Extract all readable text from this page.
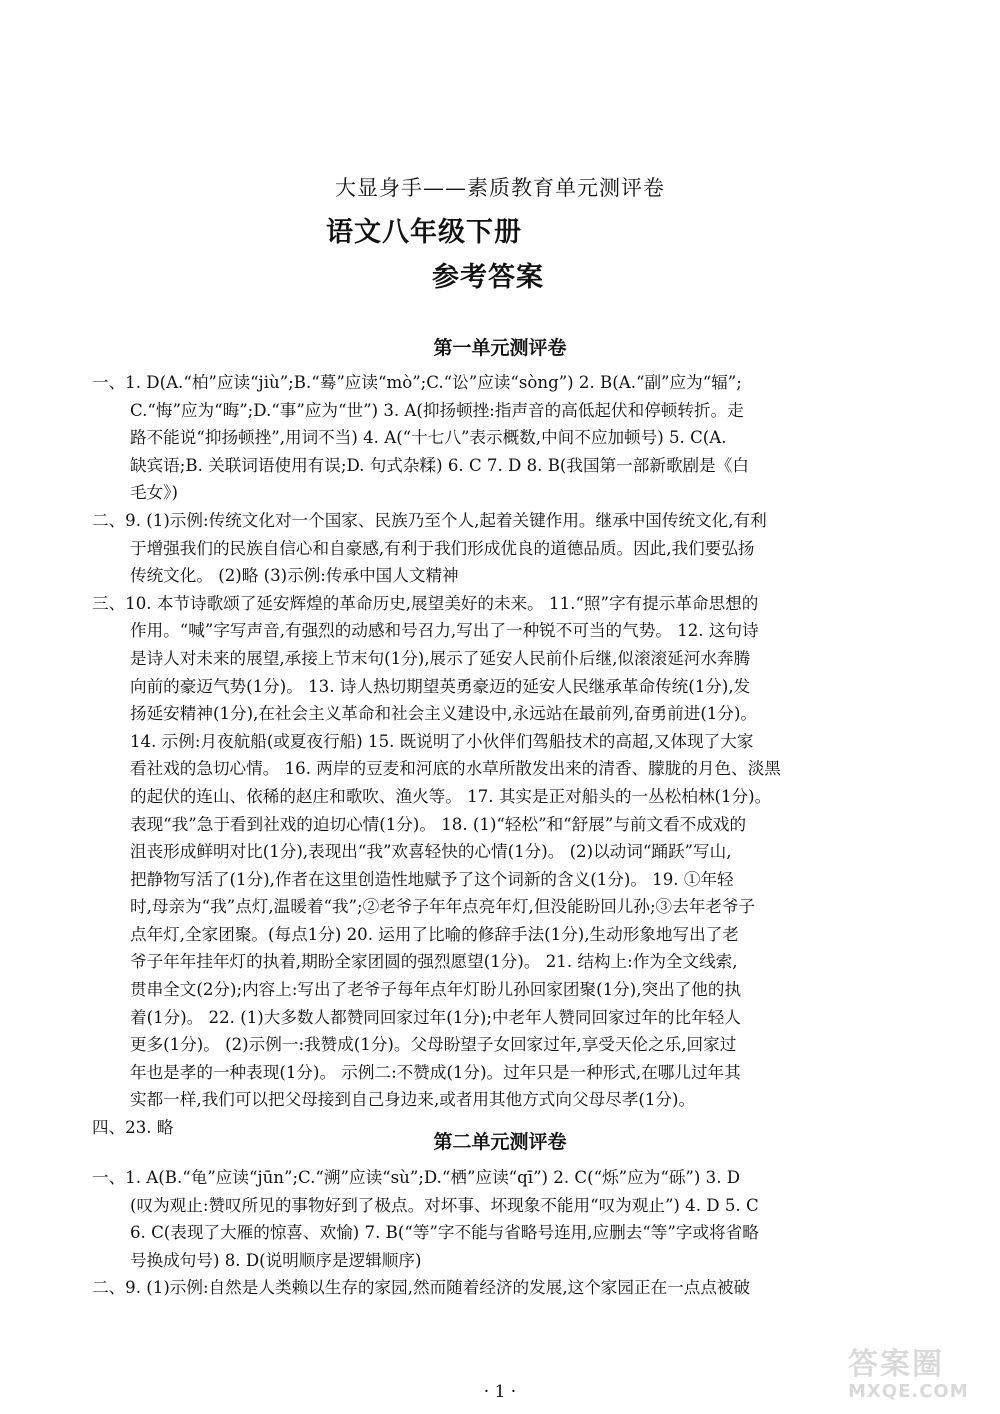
大显身手——素质教育单元测评卷
语文八年级下册
参考答案
第一单元测评卷
一、1. D(A.“柏”应读“jiù”;B.“蓦”应读“mò”;C.“讼”应读“sòng”) 2. B(A.“副”应为“辐”;
C.“悔”应为“晦”;D.“事”应为“世”) 3. A(抑扬顿挫:指声音的高低起伏和停顿转折。走
路不能说“抑扬顿挫”,用词不当) 4. A(“十七八”表示概数,中间不应加顿号) 5. C(A.
缺宾语;B. 关联词语使用有误;D. 句式杂糅) 6. C 7. D 8. B(我国第一部新歌剧是《白
毛女》)
二、9. (1)示例:传统文化对一个国家、民族乃至个人,起着关键作用。继承中国传统文化,有利
于增强我们的民族自信心和自豪感,有利于我们形成优良的道德品质。因此,我们要弘扬
传统文化。 (2)略 (3)示例:传承中国人文精神
三、10. 本节诗歌颂了延安辉煌的革命历史,展望美好的未来。 11.“照”字有提示革命思想的
作用。“喊”字写声音,有强烈的动感和号召力,写出了一种锐不可当的气势。 12. 这句诗
是诗人对未来的展望,承接上节末句(1分),展示了延安人民前仆后继,似滚滚延河水奔腾
向前的豪迈气势(1分)。 13. 诗人热切期望英勇豪迈的延安人民继承革命传统(1分),发
扬延安精神(1分),在社会主义革命和社会主义建设中,永远站在最前列,奋勇前进(1分)。
14. 示例:月夜航船(或夏夜行船) 15. 既说明了小伙伴们驾船技术的高超,又体现了大家
看社戏的急切心情。 16. 两岸的豆麦和河底的水草所散发出来的清香、朦胧的月色、淡黑
的起伏的连山、依稀的赵庄和歌吹、渔火等。 17. 其实是正对船头的一丛松柏林(1分)。
表现“我”急于看到社戏的迫切心情(1分)。 18. (1)“轻松”和“舒展”与前文看不成戏的
沮丧形成鲜明对比(1分),表现出“我”欢喜轻快的心情(1分)。 (2)以动词“踊跃”写山,
把静物写活了(1分),作者在这里创造性地赋予了这个词新的含义(1分)。 19. ①年轻
时,母亲为“我”点灯,温暖着“我”;②老爷子年年点亮年灯,但没能盼回儿孙;③去年老爷子
点年灯,全家团聚。(每点1分) 20. 运用了比喻的修辞手法(1分),生动形象地写出了老
爷子年年挂年灯的执着,期盼全家团圆的强烈愿望(1分)。 21. 结构上:作为全文线索,
贯串全文(2分);内容上:写出了老爷子每年点年灯盼儿孙回家团聚(1分),突出了他的执
着(1分)。 22. (1)大多数人都赞同回家过年(1分);中老年人赞同回家过年的比年轻人
更多(1分)。 (2)示例一:我赞成(1分)。父母盼望子女回家过年,享受天伦之乐,回家过
年也是孝的一种表现(1分)。 示例二:不赞成(1分)。过年只是一种形式,在哪儿过年其
实都一样,我们可以把父母接到自己身边来,或者用其他方式向父母尽孝(1分)。
四、23. 略
第二单元测评卷
一、1. A(B.“龟”应读“jūn”;C.“溯”应读“sù”;D.“栖”应读“qī”) 2. C(“烁”应为“砾”) 3. D
(叹为观止:赞叹所见的事物好到了极点。对坏事、坏现象不能用“叹为观止”) 4. D 5. C
6. C(表现了大雁的惊喜、欢愉) 7. B(“等”字不能与省略号连用,应删去“等”字或将省略
号换成句号) 8. D(说明顺序是逻辑顺序)
二、9. (1)示例:自然是人类赖以生存的家园,然而随着经济的发展,这个家园正在一点点被破
· 1 ·
答案圈
MXQE.COM
